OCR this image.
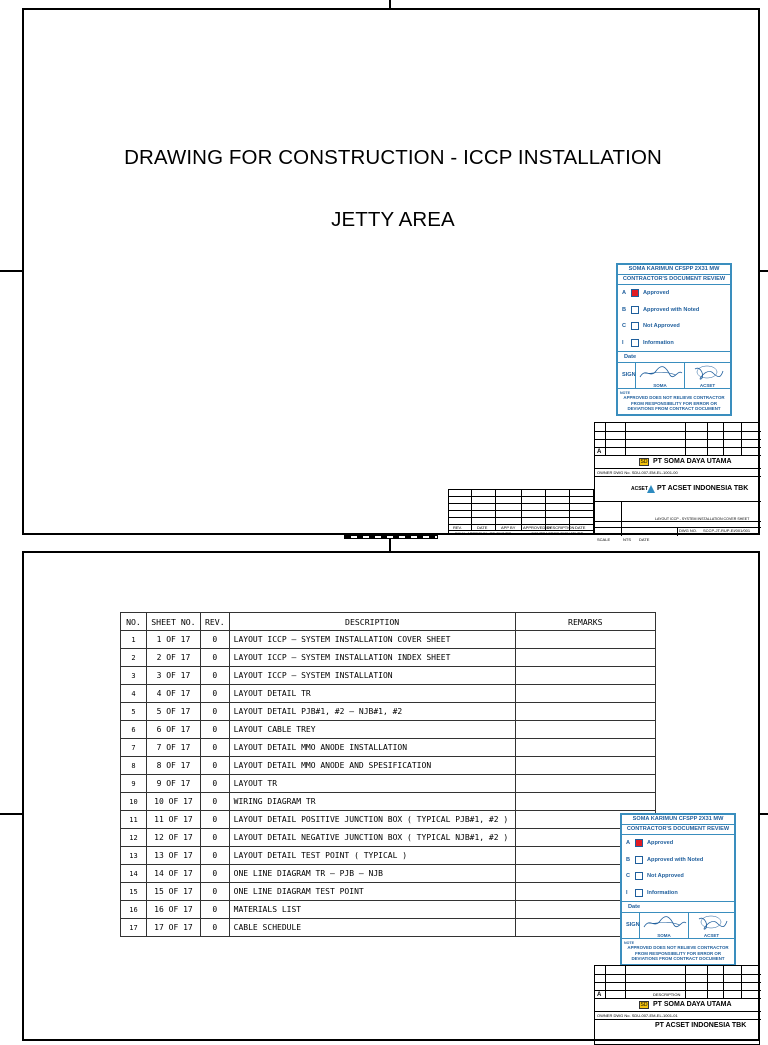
DRAWING FOR CONSTRUCTION - ICCP INSTALLATION
JETTY AREA
SOMA KARIMUN CFSPP 2X31 MW
CONTRACTOR'S DOCUMENT REVIEW
A	Approved
B	Approved with Noted
C	Not Approved
I	Information
Date
SIGN
SOMA	ACSET
NOTE
APPROVED DOES NOT RELIEVE CONTRACTOR FROM RESPONSIBILITY FOR ERROR OR DEVIATIONS FROM CONTRACT DOCUMENT
A
SD PT SOMA DAYA UTAMA
OWNER DWG No. SDU-007-EM-EL-1001-00
ACSET PT ACSET INDONESIA TBK
LAYOUT ICCP - SYSTEM INSTALLATION COVER SHEET
DWG NO. SCCP-JT-RUP-EI/001/001
SCALE	NTS DATE
REV.	DATE	APP BY APPROVED BY
DESCRIPTION DATE
FINAL APPROVAL OF OWNER	CONTRACTOR SIGNATURE
NO.	SHEET NO.	REV.	DESCRIPTION	REMARKS
1	1 OF 17	0	LAYOUT ICCP – SYSTEM INSTALLATION COVER SHEET	
2	2 OF 17	0	LAYOUT ICCP – SYSTEM INSTALLATION INDEX SHEET	
3	3 OF 17	0	LAYOUT ICCP – SYSTEM INSTALLATION	
4	4 OF 17	0	LAYOUT DETAIL TR	
5	5 OF 17	0	LAYOUT DETAIL PJB#1, #2 – NJB#1, #2	
6	6 OF 17	0	LAYOUT CABLE TREY	
7	7 OF 17	0	LAYOUT DETAIL MMO ANODE INSTALLATION	
8	8 OF 17	0	LAYOUT DETAIL MMO ANODE AND SPESIFICATION	
9	9 OF 17	0	LAYOUT TR	
10	10 OF 17	0	WIRING DIAGRAM TR	
11	11 OF 17	0	LAYOUT DETAIL POSITIVE JUNCTION BOX ( TYPICAL PJB#1, #2 )	
12	12 OF 17	0	LAYOUT DETAIL NEGATIVE JUNCTION BOX ( TYPICAL NJB#1, #2 )	
13	13 OF 17	0	LAYOUT DETAIL TEST POINT ( TYPICAL )	
14	14 OF 17	0	ONE LINE DIAGRAM TR – PJB – NJB	
15	15 OF 17	0	ONE LINE DIAGRAM TEST POINT	
16	16 OF 17	0	MATERIALS LIST	
17	17 OF 17	0	CABLE SCHEDULE	
SOMA KARIMUN CFSPP 2X31 MW
CONTRACTOR'S DOCUMENT REVIEW
A	Approved
B	Approved with Noted
C	Not Approved
I	Information
Date
SIGN
SOMA	ACSET
NOTE
APPROVED DOES NOT RELIEVE CONTRACTOR FROM RESPONSIBILITY FOR ERROR OR DEVIATIONS FROM CONTRACT DOCUMENT
A	DESCRIPTION
SD PT SOMA DAYA UTAMA
OWNER DWG No. SDU-007-EM-EL-1001-01
PT ACSET INDONESIA TBK
